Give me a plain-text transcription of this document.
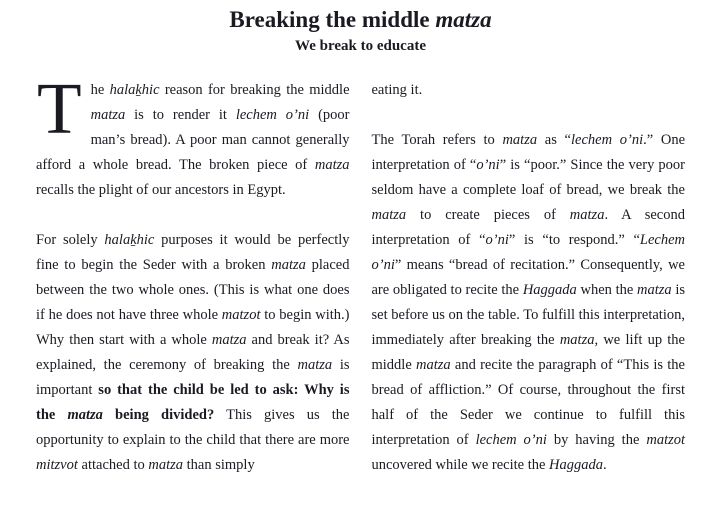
Breaking the middle matza
We break to educate

The halaḵhic reason for breaking the middle matza is to render it lechem o’ni (poor man’s bread). A poor man cannot generally afford a whole bread. The broken piece of matza recalls the plight of our ancestors in Egypt.

For solely halaḵhic purposes it would be perfectly fine to begin the Seder with a broken matza placed between the two whole ones. (This is what one does if he does not have three whole matzot to begin with.) Why then start with a whole matza and break it? As explained, the ceremony of breaking the matza is important so that the child be led to ask: Why is the matza being divided? This gives us the opportunity to explain to the child that there are more mitzvot attached to matza than simply

eating it.

The Torah refers to matza as “lechem o’ni.” One interpretation of “o’ni” is “poor.” Since the very poor seldom have a complete loaf of bread, we break the matza to create pieces of matza. A second interpretation of “o’ni” is “to respond.” “Lechem o’ni” means “bread of recitation.” Consequently, we are obligated to recite the Haggada when the matza is set before us on the table. To fulfill this interpretation, immediately after breaking the matza, we lift up the middle matza and recite the paragraph of “This is the bread of affliction.” Of course, throughout the first half of the Seder we continue to fulfill this interpretation of lechem o’ni by having the matzot uncovered while we recite the Haggada.
